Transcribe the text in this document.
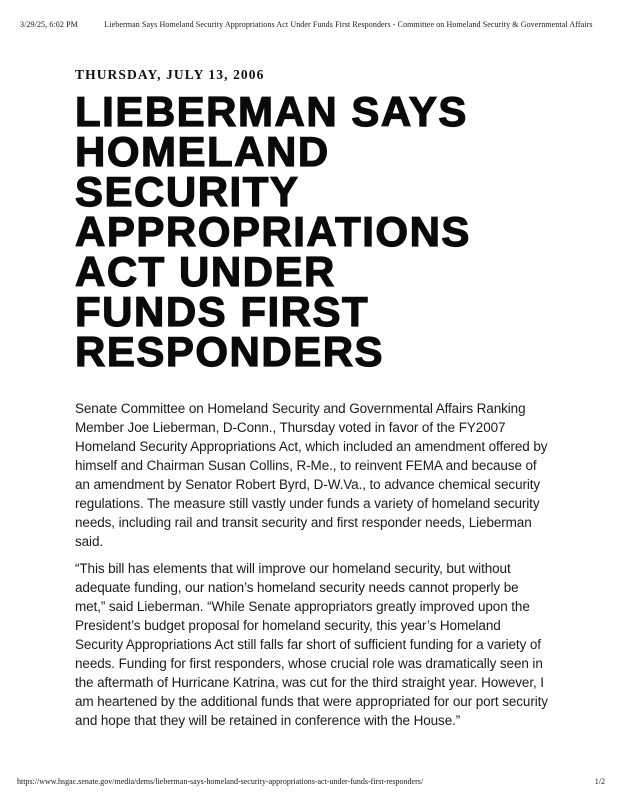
3/29/25, 6:02 PM	Lieberman Says Homeland Security Appropriations Act Under Funds First Responders - Committee on Homeland Security & Governmental Affairs
THURSDAY, JULY 13, 2006
LIEBERMAN SAYS
HOMELAND
SECURITY
APPROPRIATIONS
ACT UNDER
FUNDS FIRST
RESPONDERS

Senate Committee on Homeland Security and Governmental Affairs Ranking Member Joe Lieberman, D-Conn., Thursday voted in favor of the FY2007 Homeland Security Appropriations Act, which included an amendment offered by himself and Chairman Susan Collins, R-Me., to reinvent FEMA and because of an amendment by Senator Robert Byrd, D-W.Va., to advance chemical security regulations. The measure still vastly under funds a variety of homeland security needs, including rail and transit security and first responder needs, Lieberman said.

“This bill has elements that will improve our homeland security, but without adequate funding, our nation’s homeland security needs cannot properly be met,” said Lieberman. “While Senate appropriators greatly improved upon the President’s budget proposal for homeland security, this year’s Homeland Security Appropriations Act still falls far short of sufficient funding for a variety of needs. Funding for first responders, whose crucial role was dramatically seen in the aftermath of Hurricane Katrina, was cut for the third straight year. However, I am heartened by the additional funds that were appropriated for our port security and hope that they will be retained in conference with the House.”

https://www.hsgac.senate.gov/media/dems/lieberman-says-homeland-security-appropriations-act-under-funds-first-responders/	1/2
